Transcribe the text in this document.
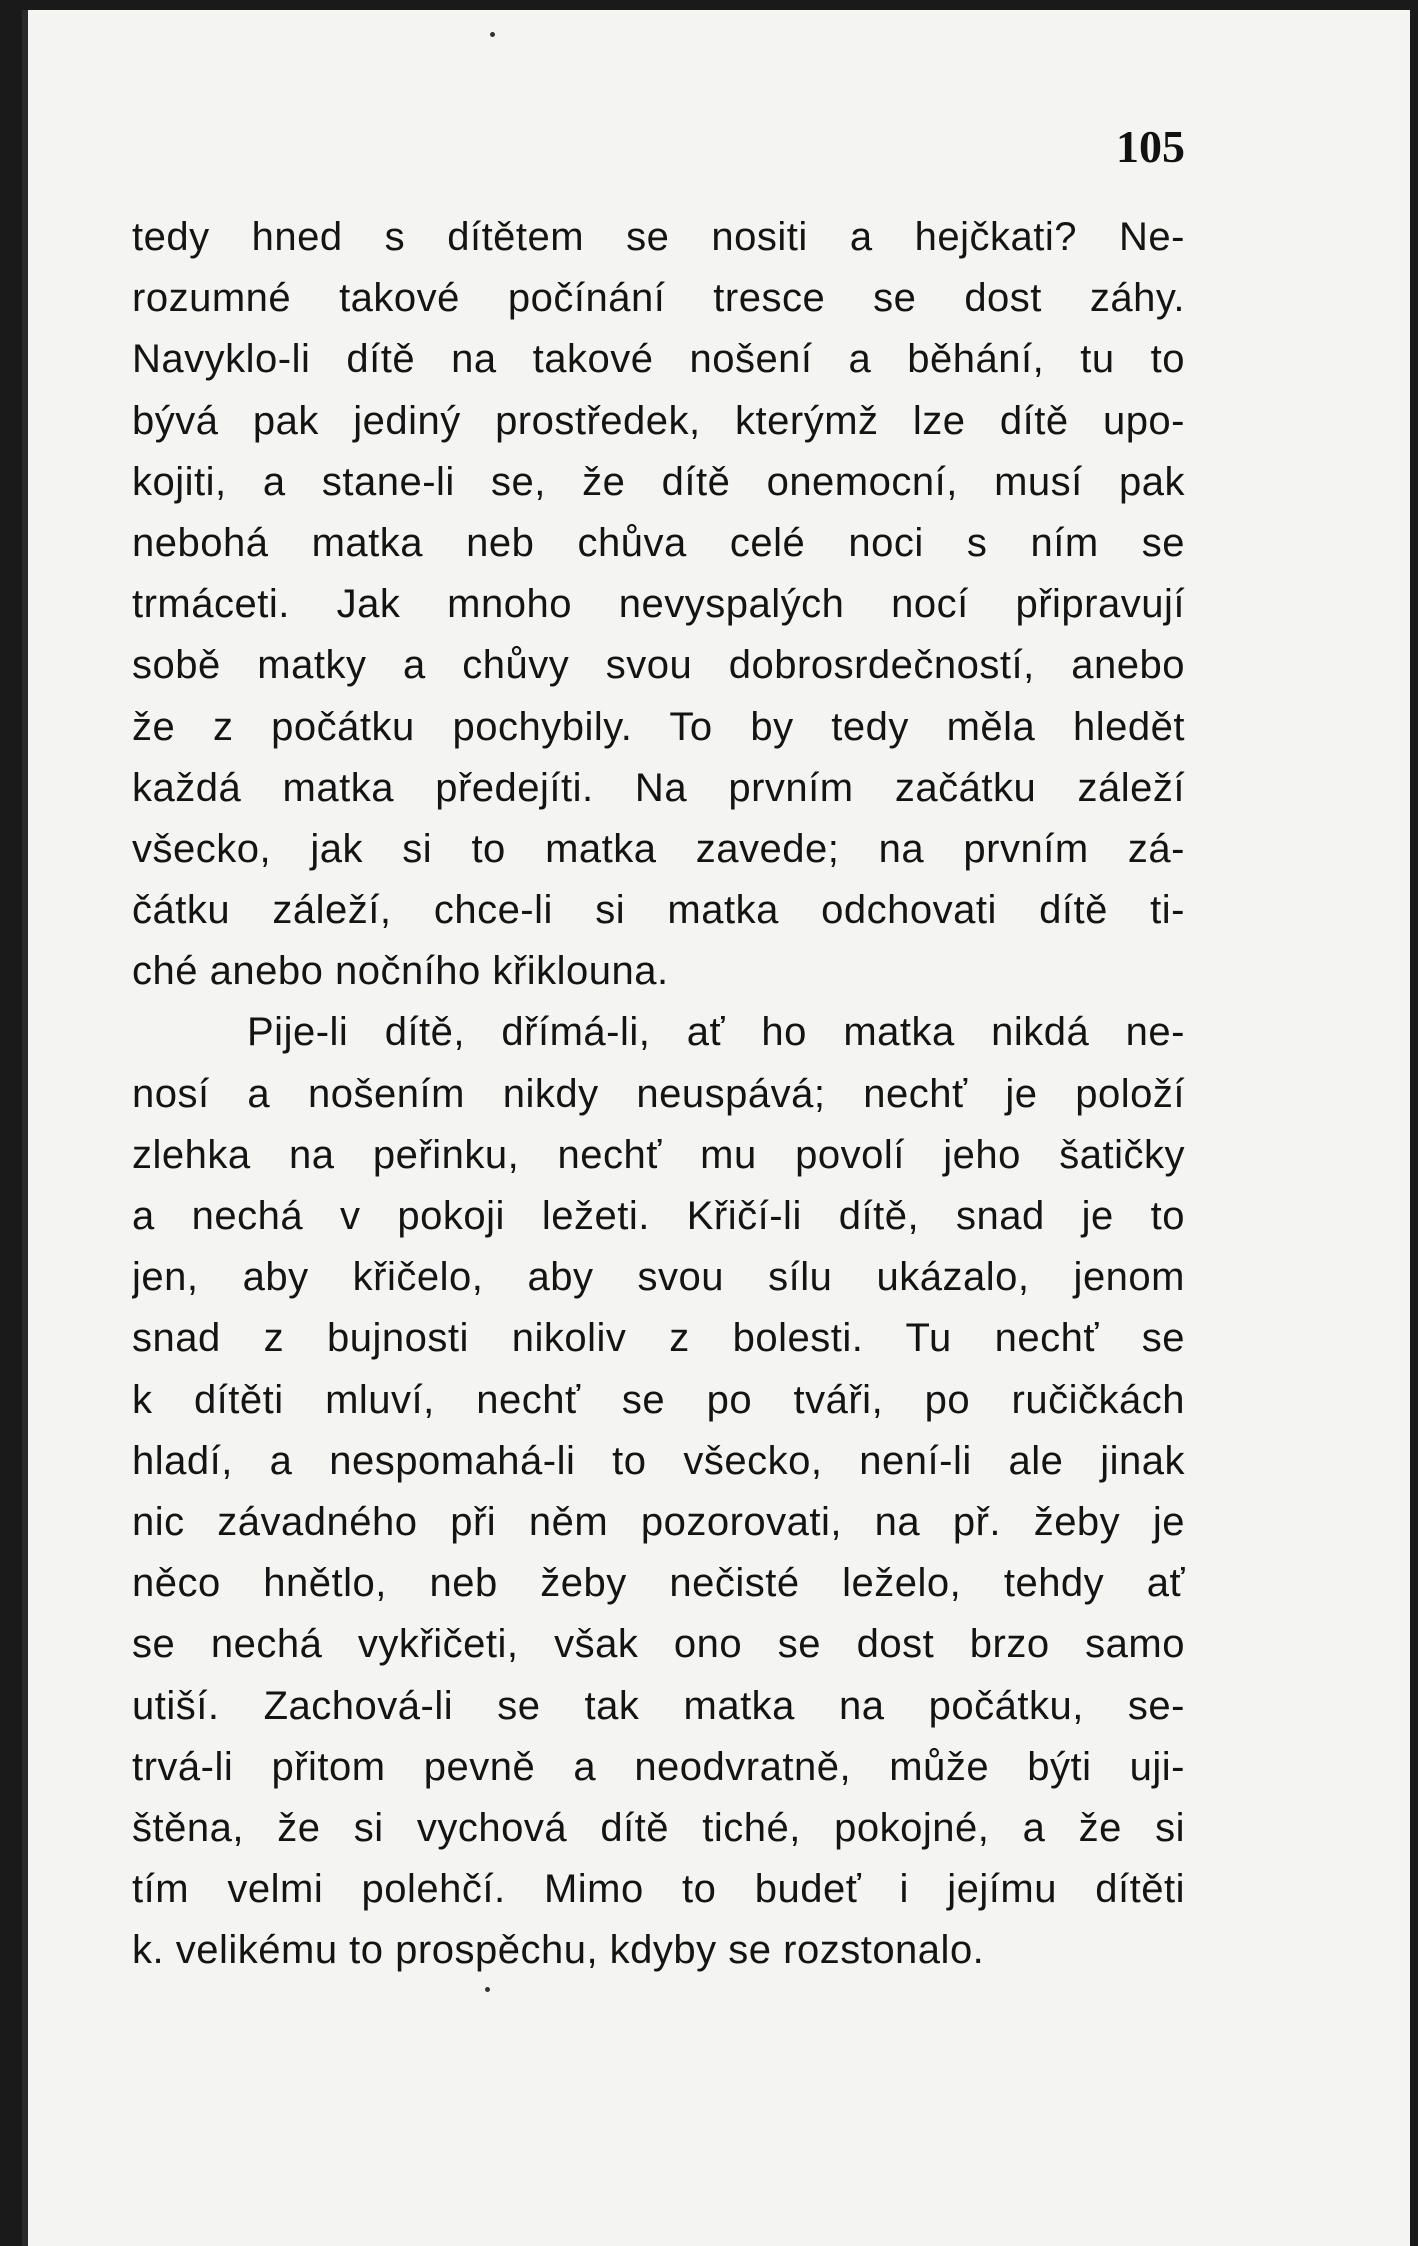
105
tedy hned s dítětem se nositi a hejčkati? Ne-
rozumné takové počínání tresce se dost záhy.
Navyklo-li dítě na takové nošení a běhání, tu to
bývá pak jediný prostředek, kterýmž lze dítě upo-
kojiti, a stane-li se, že dítě onemocní, musí pak
nebohá matka neb chůva celé noci s ním se
trmáceti. Jak mnoho nevyspalých nocí připravují
sobě matky a chůvy svou dobrosrdečností, anebo
že z počátku pochybily. To by tedy měla hledět
každá matka předejíti. Na prvním začátku záleží
všecko, jak si to matka zavede; na prvním zá-
čátku záleží, chce-li si matka odchovati dítě ti-
ché anebo nočního křiklouna.
Pije-li dítě, dřímá-li, ať ho matka nikdá ne-
nosí a nošením nikdy neuspává; nechť je položí
zlehka na peřinku, nechť mu povolí jeho šatičky
a nechá v pokoji ležeti. Křičí-li dítě, snad je to
jen, aby křičelo, aby svou sílu ukázalo, jenom
snad z bujnosti nikoliv z bolesti. Tu nechť se
k dítěti mluví, nechť se po tváři, po ručičkách
hladí, a nespomahá-li to všecko, není-li ale jinak
nic závadného při něm pozorovati, na př. žeby je
něco hnětlo, neb žeby nečisté leželo, tehdy ať
se nechá vykřičeti, však ono se dost brzo samo
utiší. Zachová-li se tak matka na počátku, se-
trvá-li přitom pevně a neodvratně, může býti uji-
štěna, že si vychová dítě tiché, pokojné, a že si
tím velmi polehčí. Mimo to budeť i jejímu dítěti
k. velikému to prospěchu, kdyby se rozstonalo.
